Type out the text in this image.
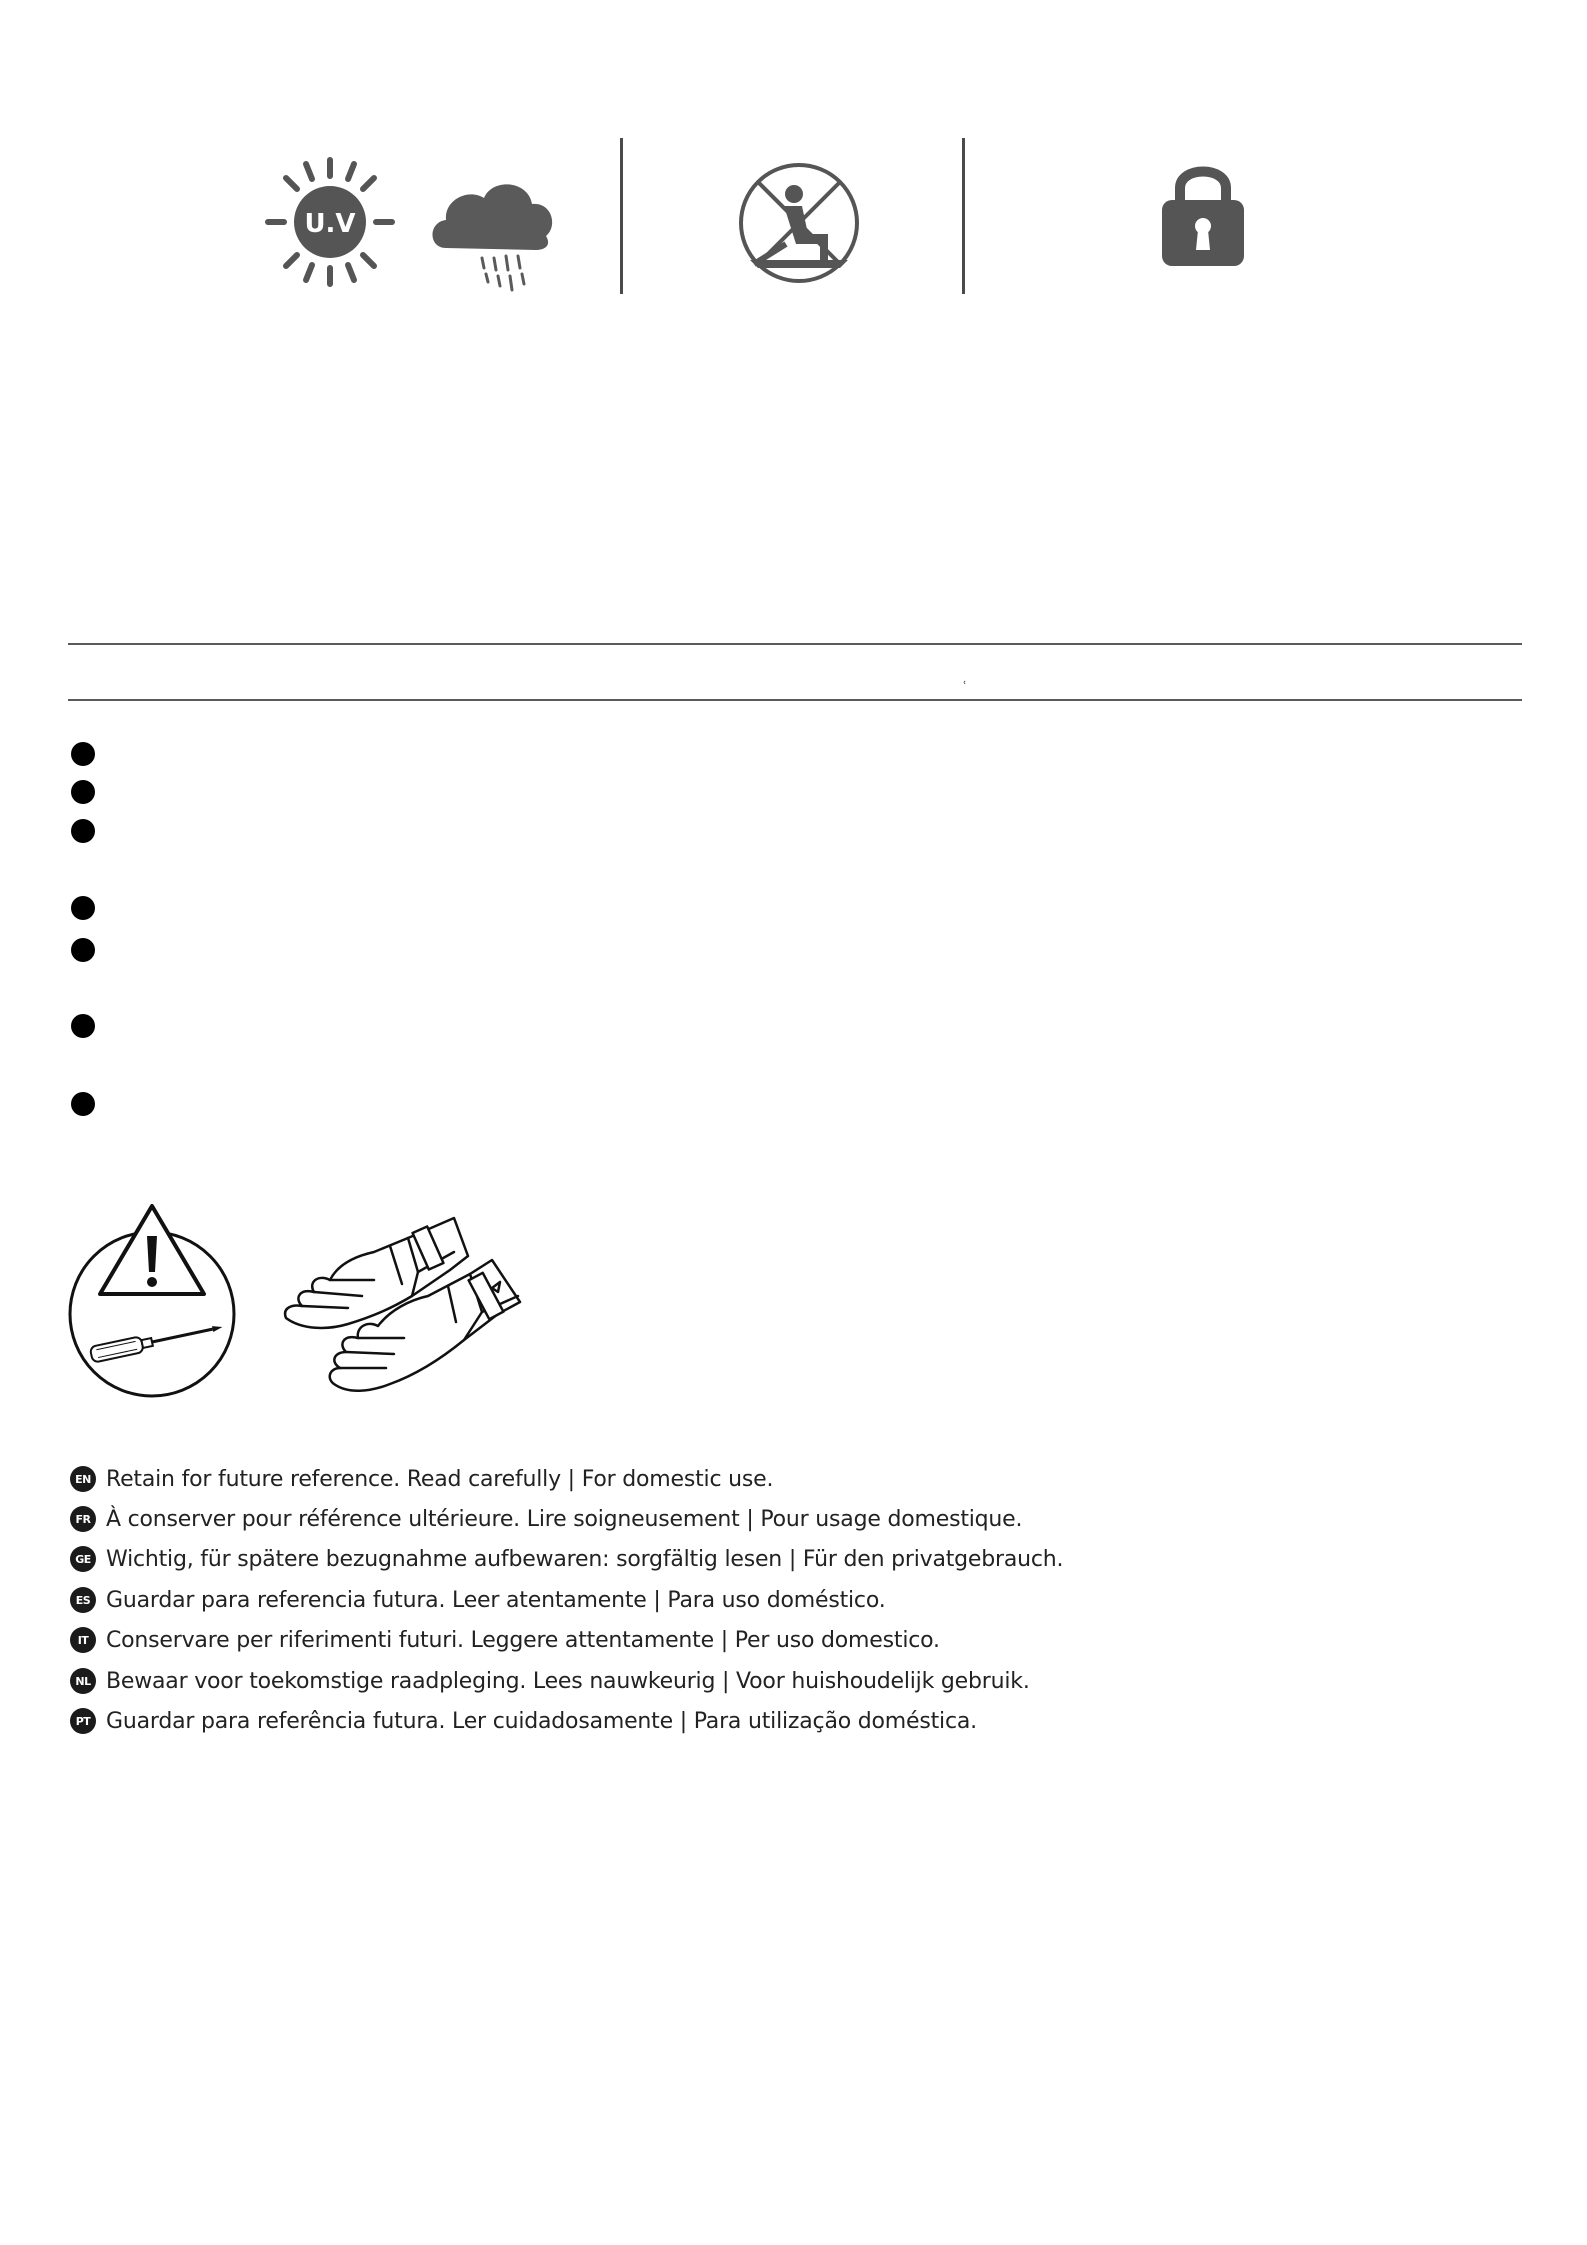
U.V
ʿ
EN Retain for future reference. Read carefully | For domestic use.
FR À conserver pour référence ultérieure. Lire soigneusement | Pour usage domestique.
GE Wichtig, für spätere bezugnahme aufbewaren: sorgfältig lesen | Für den privatgebrauch.
ES Guardar para referencia futura. Leer atentamente | Para uso doméstico.
IT Conservare per riferimenti futuri. Leggere attentamente | Per uso domestico.
NL Bewaar voor toekomstige raadpleging. Lees nauwkeurig | Voor huishoudelijk gebruik.
PT Guardar para referência futura. Ler cuidadosamente | Para utilização doméstica.
